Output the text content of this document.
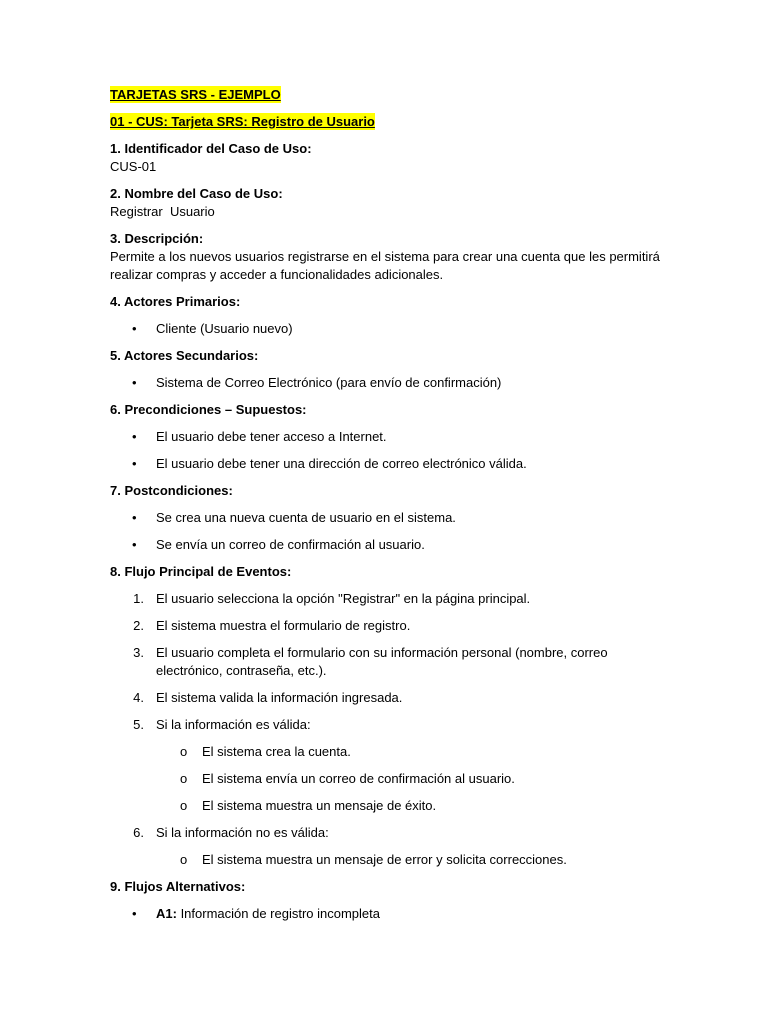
TARJETAS SRS - EJEMPLO
01 - CUS: Tarjeta SRS: Registro de Usuario

1. Identificador del Caso de Uso:

CUS-01

2. Nombre del Caso de Uso:

Registrar  Usuario

3. Descripción:

Permite a los nuevos usuarios registrarse en el sistema para crear una cuenta que les permitirá realizar compras y acceder a funcionalidades adicionales.

4. Actores Primarios:

• Cliente (Usuario nuevo)

5. Actores Secundarios:

• Sistema de Correo Electrónico (para envío de confirmación)

6. Precondiciones – Supuestos:

• El usuario debe tener acceso a Internet.
• El usuario debe tener una dirección de correo electrónico válida.

7. Postcondiciones:

• Se crea una nueva cuenta de usuario en el sistema.
• Se envía un correo de confirmación al usuario.

8. Flujo Principal de Eventos:

1. El usuario selecciona la opción "Registrar" en la página principal.
2. El sistema muestra el formulario de registro.
3. El usuario completa el formulario con su información personal (nombre, correo electrónico, contraseña, etc.).
4. El sistema valida la información ingresada.
5. Si la información es válida:
o El sistema crea la cuenta.
o El sistema envía un correo de confirmación al usuario.
o El sistema muestra un mensaje de éxito.
6. Si la información no es válida:
o El sistema muestra un mensaje de error y solicita correcciones.

9. Flujos Alternativos:

• A1: Información de registro incompleta
